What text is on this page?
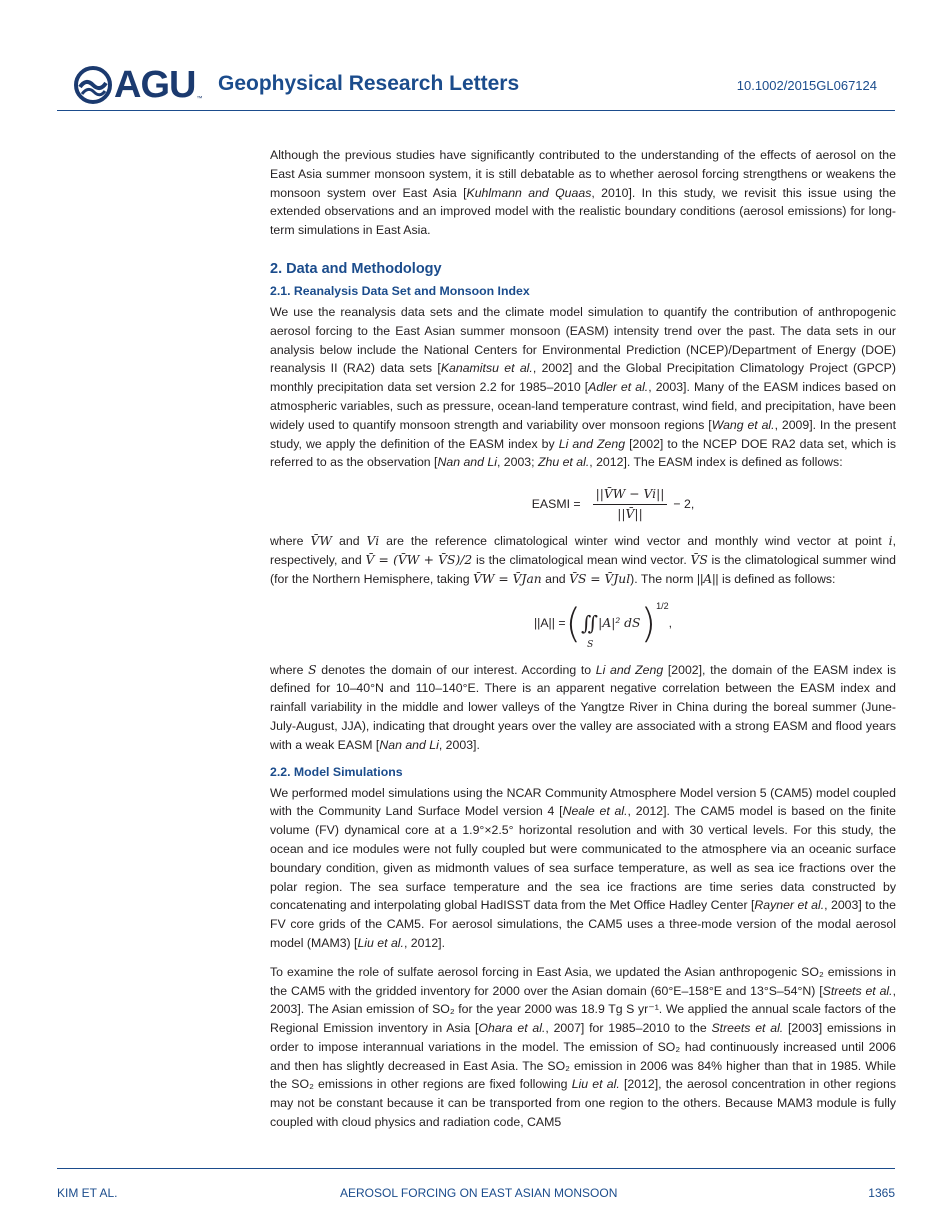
AGU ™
Geophysical Research Letters	10.1002/2015GL067124

Although the previous studies have significantly contributed to the understanding of the effects of aerosol on the East Asia summer monsoon system, it is still debatable as to whether aerosol forcing strengthens or weakens the monsoon system over East Asia [Kuhlmann and Quaas, 2010]. In this study, we revisit this issue using the extended observations and an improved model with the realistic boundary conditions (aerosol emissions) for long-term simulations in East Asia.

2. Data and Methodology
2.1. Reanalysis Data Set and Monsoon Index

We use the reanalysis data sets and the climate model simulation to quantify the contribution of anthropogenic aerosol forcing to the East Asian summer monsoon (EASM) intensity trend over the past. The data sets in our analysis below include the National Centers for Environmental Prediction (NCEP)/Department of Energy (DOE) reanalysis II (RA2) data sets [Kanamitsu et al., 2002] and the Global Precipitation Climatology Project (GPCP) monthly precipitation data set version 2.2 for 1985–2010 [Adler et al., 2003]. Many of the EASM indices based on atmospheric variables, such as pressure, ocean-land temperature contrast, wind field, and precipitation, have been widely used to quantify monsoon strength and variability over monsoon regions [Wang et al., 2009]. In the present study, we apply the definition of the EASM index by Li and Zeng [2002] to the NCEP DOE RA2 data set, which is referred to as the observation [Nan and Li, 2003; Zhu et al., 2012]. The EASM index is defined as follows:

EASMI = $\frac{||V̄W - Vi||}{||V̄||} - 2$,

where V̄W and Vi are the reference climatological winter wind vector and monthly wind vector at point i, respectively, and V̄ = (V̄W + V̄S)/2 is the climatological mean wind vector. V̄S is the climatological summer wind (for the Northern Hemisphere, taking V̄W = V̄Jan and V̄S = V̄Jul). The norm ||A|| is defined as follows:

||A|| = ( ∬
S
|A|² dS ) 1/2
,

where S denotes the domain of our interest. According to Li and Zeng [2002], the domain of the EASM index is defined for 10–40°N and 110–140°E. There is an apparent negative correlation between the EASM index and rainfall variability in the middle and lower valleys of the Yangtze River in China during the boreal summer (June-July-August, JJA), indicating that drought years over the valley are associated with a strong EASM and flood years with a weak EASM [Nan and Li, 2003].

2.2. Model Simulations

We performed model simulations using the NCAR Community Atmosphere Model version 5 (CAM5) model coupled with the Community Land Surface Model version 4 [Neale et al., 2012]. The CAM5 model is based on the finite volume (FV) dynamical core at a 1.9°×2.5° horizontal resolution and with 30 vertical levels. For this study, the ocean and ice modules were not fully coupled but were communicated to the atmosphere via an oceanic surface boundary condition, given as midmonth values of sea surface temperature, as well as sea ice fractions over the polar region. The sea surface temperature and the sea ice fractions are time series data constructed by concatenating and interpolating global HadISST data from the Met Office Hadley Center [Rayner et al., 2003] to the FV core grids of the CAM5. For aerosol simulations, the CAM5 uses a three-mode version of the modal aerosol model (MAM3) [Liu et al., 2012].

To examine the role of sulfate aerosol forcing in East Asia, we updated the Asian anthropogenic SO₂ emissions in the CAM5 with the gridded inventory for 2000 over the Asian domain (60°E–158°E and 13°S–54°N) [Streets et al., 2003]. The Asian emission of SO₂ for the year 2000 was 18.9 Tg S yr⁻¹. We applied the annual scale factors of the Regional Emission inventory in Asia [Ohara et al., 2007] for 1985–2010 to the Streets et al. [2003] emissions in order to impose interannual variations in the model. The emission of SO₂ had continuously increased until 2006 and then has slightly decreased in East Asia. The SO₂ emission in 2006 was 84% higher than that in 1985. While the SO₂ emissions in other regions are fixed following Liu et al. [2012], the aerosol concentration in other regions may not be constant because it can be transported from one region to the others. Because MAM3 module is fully coupled with cloud physics and radiation code, CAM5

KIM ET AL.	AEROSOL FORCING ON EAST ASIAN MONSOON	1365
